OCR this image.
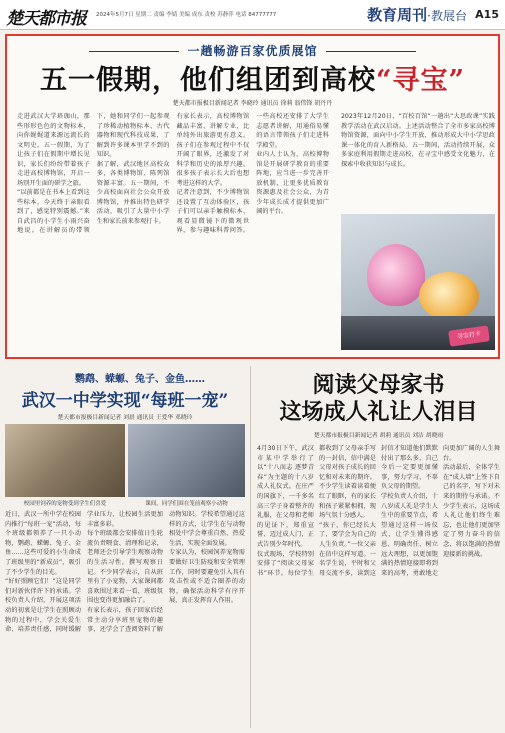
楚天都市报 2024年5月7日 星期二 责编 李婧 美编 成东 责校 苏静萍 电话 84777777	教育周刊·教展台 A15
一趟畅游百家优质展馆
五一假期，他们组团到高校“寻宝”
楚天都市报极目新闻记者 李晓玲 通讯员 徐莉 翁伟锋 胡丹丹

走进武汉大学珞珈山，那些形形色色的文物标本，向你娓娓道来源远流长的文明史。五一假期，为了让孩子们在假期中增长见识，家长们纷纷带着孩子走进高校博物馆，开启一场别开生面的研学之旅。

“以前都是在书本上看到这些标本，今天终于亲眼看到了，感觉特别震撼。”来自武昌的小学生小雨兴奋地说。在讲解员的带领下，她和同学们一起参观了珍稀动植物标本、古代器物和现代科技成果，了解到许多课本里学不到的知识。

据了解，武汉地区高校众多，各类博物馆、陈列馆资源丰富。五一期间，不少高校面向社会公众开放博物馆，并推出特色研学活动，吸引了大量中小学生和家长前来参观打卡。

有家长表示，高校博物馆藏品丰富、讲解专业，比单纯外出旅游更有意义。孩子们在参观过程中不仅开阔了眼界，还激发了对科学和历史的浓厚兴趣，很多孩子表示长大后也想考进这样的大学。

记者注意到，不少博物馆还设置了互动体验区，孩子们可以亲手触摸标本、观看显微镜下的微观世界，参与趣味科普问答。一些高校还安排了大学生志愿者讲解，用通俗易懂的语言带领孩子们走进科学殿堂。

业内人士认为，高校博物馆是开展研学教育的重要阵地，应当进一步完善开放机制，让更多优质教育资源惠及社会公众，为青少年成长成才提供更加广阔的平台。

2023年12月20日，“百校百馆”一趟出“大思政课”实践教学活动在武汉启动。上述活动整合了全市多家高校博物馆资源，面向中小学生开放，推动形成大中小学思政课一体化的育人新格局。五一期间，活动持续开展，众多家庭利用假期走进高校，在寻宝中感受文化魅力，在探索中收获知识与成长。
寻宝打卡
鹦鹉、蝾螈、兔子、金鱼……
武汉一中学实现“每班一宠”
楚天都市报极目新闻记者 刘晨 通讯员 王爱华 邓晓玲
校园里饲养的宠物受到学生们喜爱	课间，同学们围在笼前观察小动物

近日，武汉一所中学在校园内推行“每班一宠”活动，每个班级都领养了一只小动物，鹦鹉、蝾螈、兔子、金鱼……这些可爱的小生命成了班级里的“新成员”，吸引了不少学生的目光。

“好好照顾它们！”这是同学们对新伙伴许下的承诺。学校负责人介绍，开展这项活动的初衷是让学生在照顾动物的过程中，学会关爱生命、培养责任感，同时缓解学业压力，让校园生活更加丰富多彩。

每个班级都会安排值日生轮流负责喂食、清理和记录，老师还会引导学生观察动物的生活习性，撰写观察日记。不少同学表示，自从班里有了小宠物，大家课间都喜欢围过来看一看，班级氛围也变得更加融洽了。

有家长表示，孩子回家后经常主动分享班里宠物的趣事，还学会了查阅资料了解动物知识。学校希望通过这样的方式，让学生在与动物相处中学会尊重自然、热爱生活，实现全面发展。

专家认为，校园饲养宠物需要做好卫生防疫和安全管理工作，同时要避免引入具有攻击性或不适合圈养的动物，确保活动科学有序开展，真正发挥育人作用。

阅读父母家书
这场成人礼让人泪目
楚天都市报极目新闻记者 胡莉 通讯员 刘洁 胡晓雨

4月30日下午，武汉市某中学举行了以“十八而志 逐梦青春”为主题的十八岁成人礼仪式。在庄严的国旗下，一千多名高三学子身着整齐的礼服，在父母和老师的见证下，郑重宣誓、迈过成人门，正式告别少年时代。

仪式现场，学校特别安排了“阅读父母家书”环节。每位学生都收到了父母亲手写的一封信，信中满是父母对孩子成长的回忆和对未来的期许。不少学生读着读着便红了眼眶，有的家长和孩子紧紧相拥，现场气氛十分感人。

“孩子，你已经长大了，要学会为自己的人生负责。”一位父亲在信中这样写道。一名学生说，平时和父母交流不多，读到这封信才知道他们默默付出了那么多，自己今后一定要更加懂事，努力学习，不辜负父母的期望。

学校负责人介绍，十八岁成人礼是学生人生中的重要节点，希望通过这样一场仪式，让学生懂得感恩、明确责任、树立远大理想，以更加饱满的热情迎接即将到来的高考，勇敢地走向更加广阔的人生舞台。

活动最后，全体学生在“成人墙”上签下自己的名字，写下对未来的期待与承诺。不少学生表示，这场成人礼让他们终生难忘，也让他们更加坚定了努力奋斗的信念，将以饱满的热情迎接新的挑战。
